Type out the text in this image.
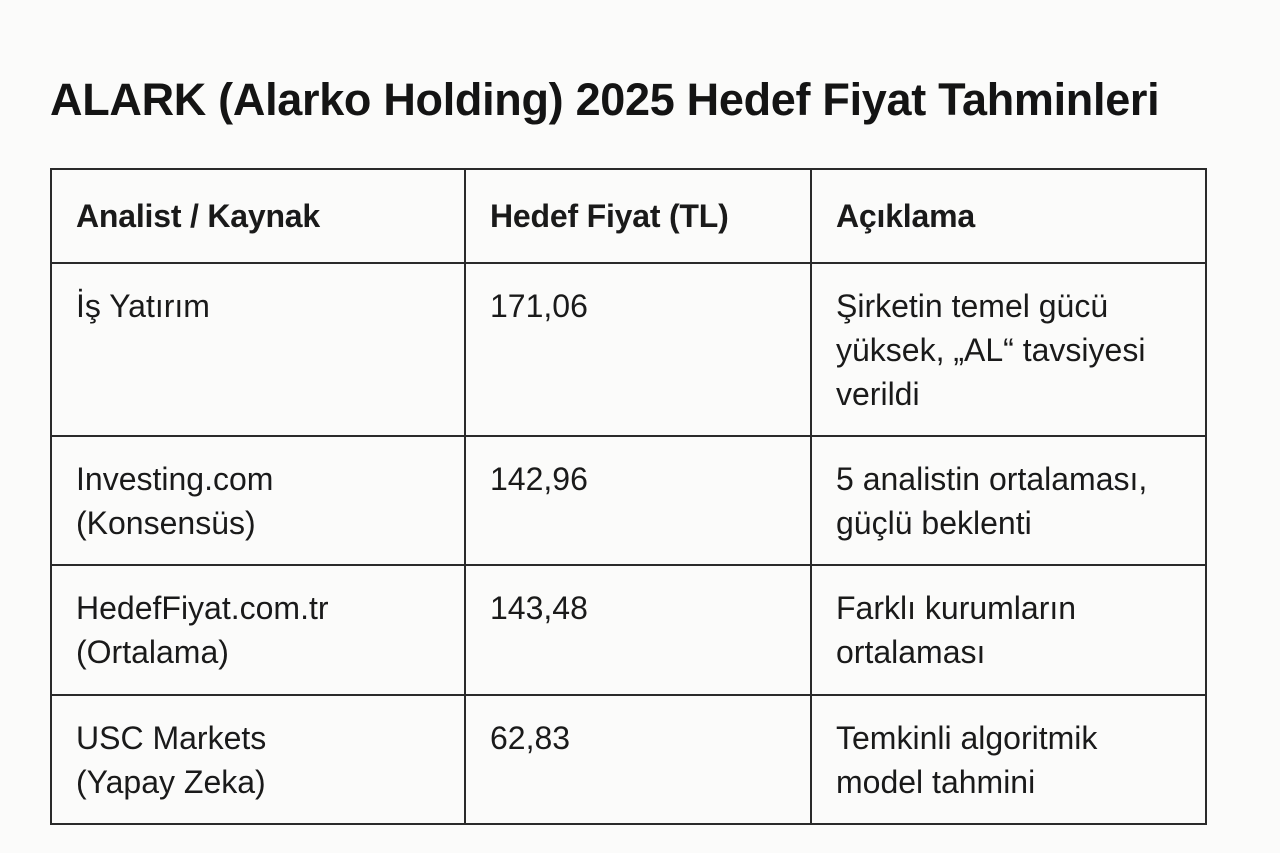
ALARK (Alarko Holding) 2025 Hedef Fiyat Tahminleri
Analist / Kaynak	Hedef Fiyat (TL)	Açıklama

İş Yatırım	171,06	Şirketin temel gücü
yüksek, „AL“ tavsiyesi
verildi

Investing.com
(Konsensüs)	142,96	5 analistin ortalaması,
güçlü beklenti

HedefFiyat.com.tr
(Ortalama)	143,48	Farklı kurumların
ortalaması

USC Markets
(Yapay Zeka)	62,83	Temkinli algoritmik
model tahmini
